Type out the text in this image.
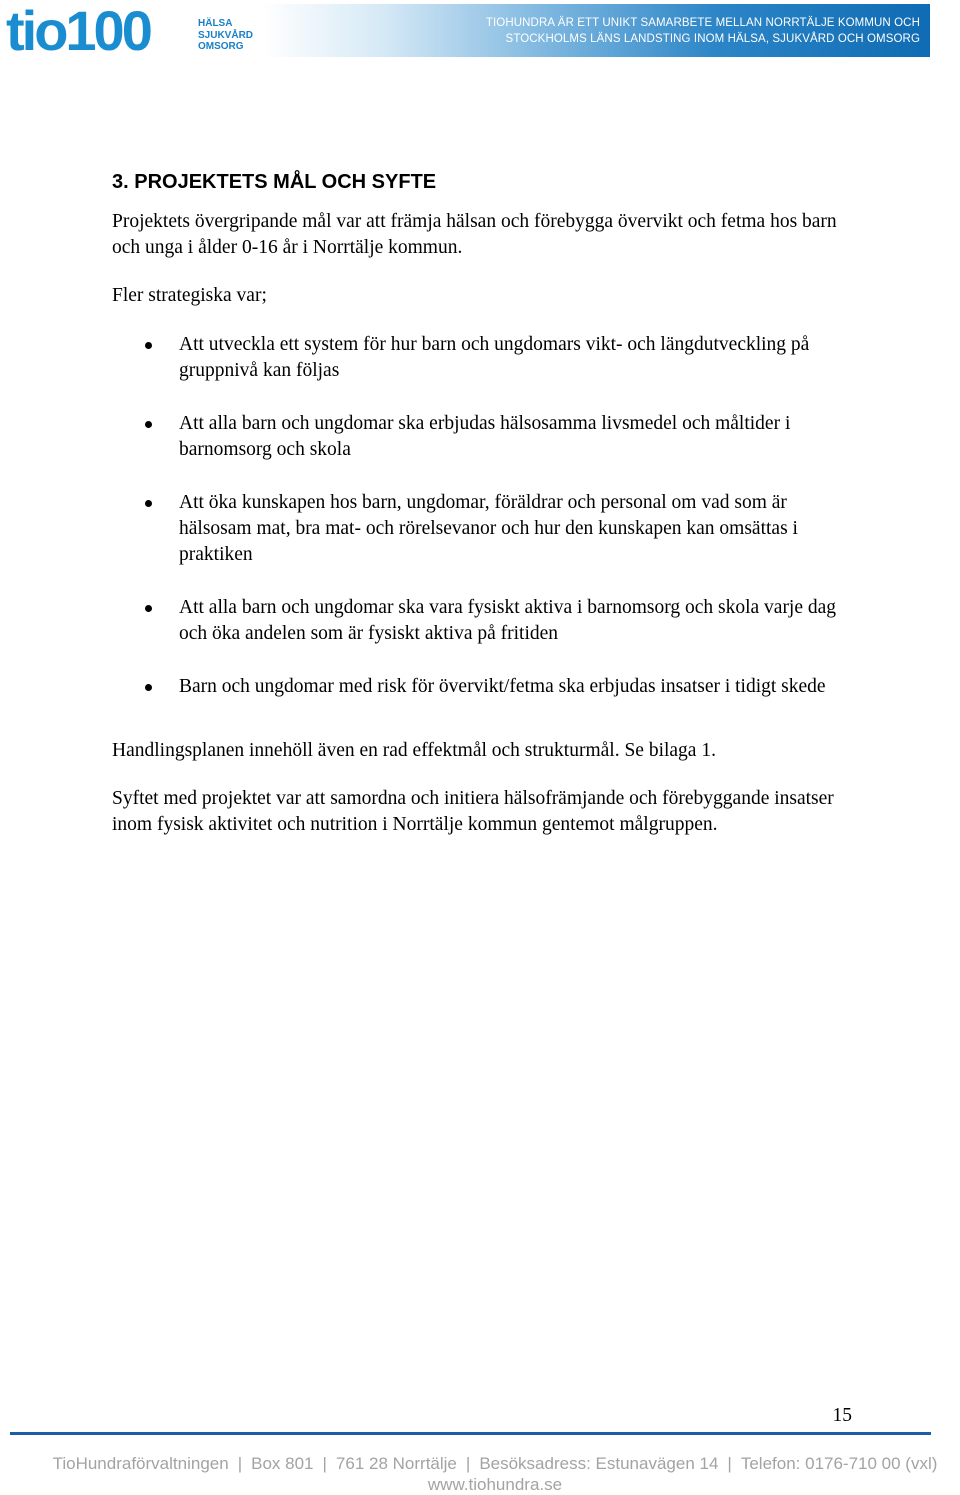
tio100	HÄLSA
SJUKVÅRD
OMSORG
TIOHUNDRA ÄR ETT UNIKT SAMARBETE MELLAN NORRTÄLJE KOMMUN OCH
STOCKHOLMS LÄNS LANDSTING INOM HÄLSA, SJUKVÅRD OCH OMSORG
3. PROJEKTETS MÅL OCH SYFTE

Projektets övergripande mål var att främja hälsan och förebygga övervikt och fetma hos barn och unga i ålder 0-16 år i Norrtälje kommun.

Fler strategiska var;

Att utveckla ett system för hur barn och ungdomars vikt- och längdutveckling på gruppnivå kan följas
Att alla barn och ungdomar ska erbjudas hälsosamma livsmedel och måltider i barnomsorg och skola
Att öka kunskapen hos barn, ungdomar, föräldrar och personal om vad som är hälsosam mat, bra mat- och rörelsevanor och hur den kunskapen kan omsättas i praktiken
Att alla barn och ungdomar ska vara fysiskt aktiva i barnomsorg och skola varje dag och öka andelen som är fysiskt aktiva på fritiden
Barn och ungdomar med risk för övervikt/fetma ska erbjudas insatser i tidigt skede

Handlingsplanen innehöll även en rad effektmål och strukturmål. Se bilaga 1.

Syftet med projektet var att samordna och initiera hälsofrämjande och förebyggande insatser inom fysisk aktivitet och nutrition i Norrtälje kommun gentemot målgruppen.

15
TioHundraförvaltningen | Box 801 | 761 28 Norrtälje | Besöksadress: Estunavägen 14 | Telefon: 0176-710 00 (vxl)
www.tiohundra.se
